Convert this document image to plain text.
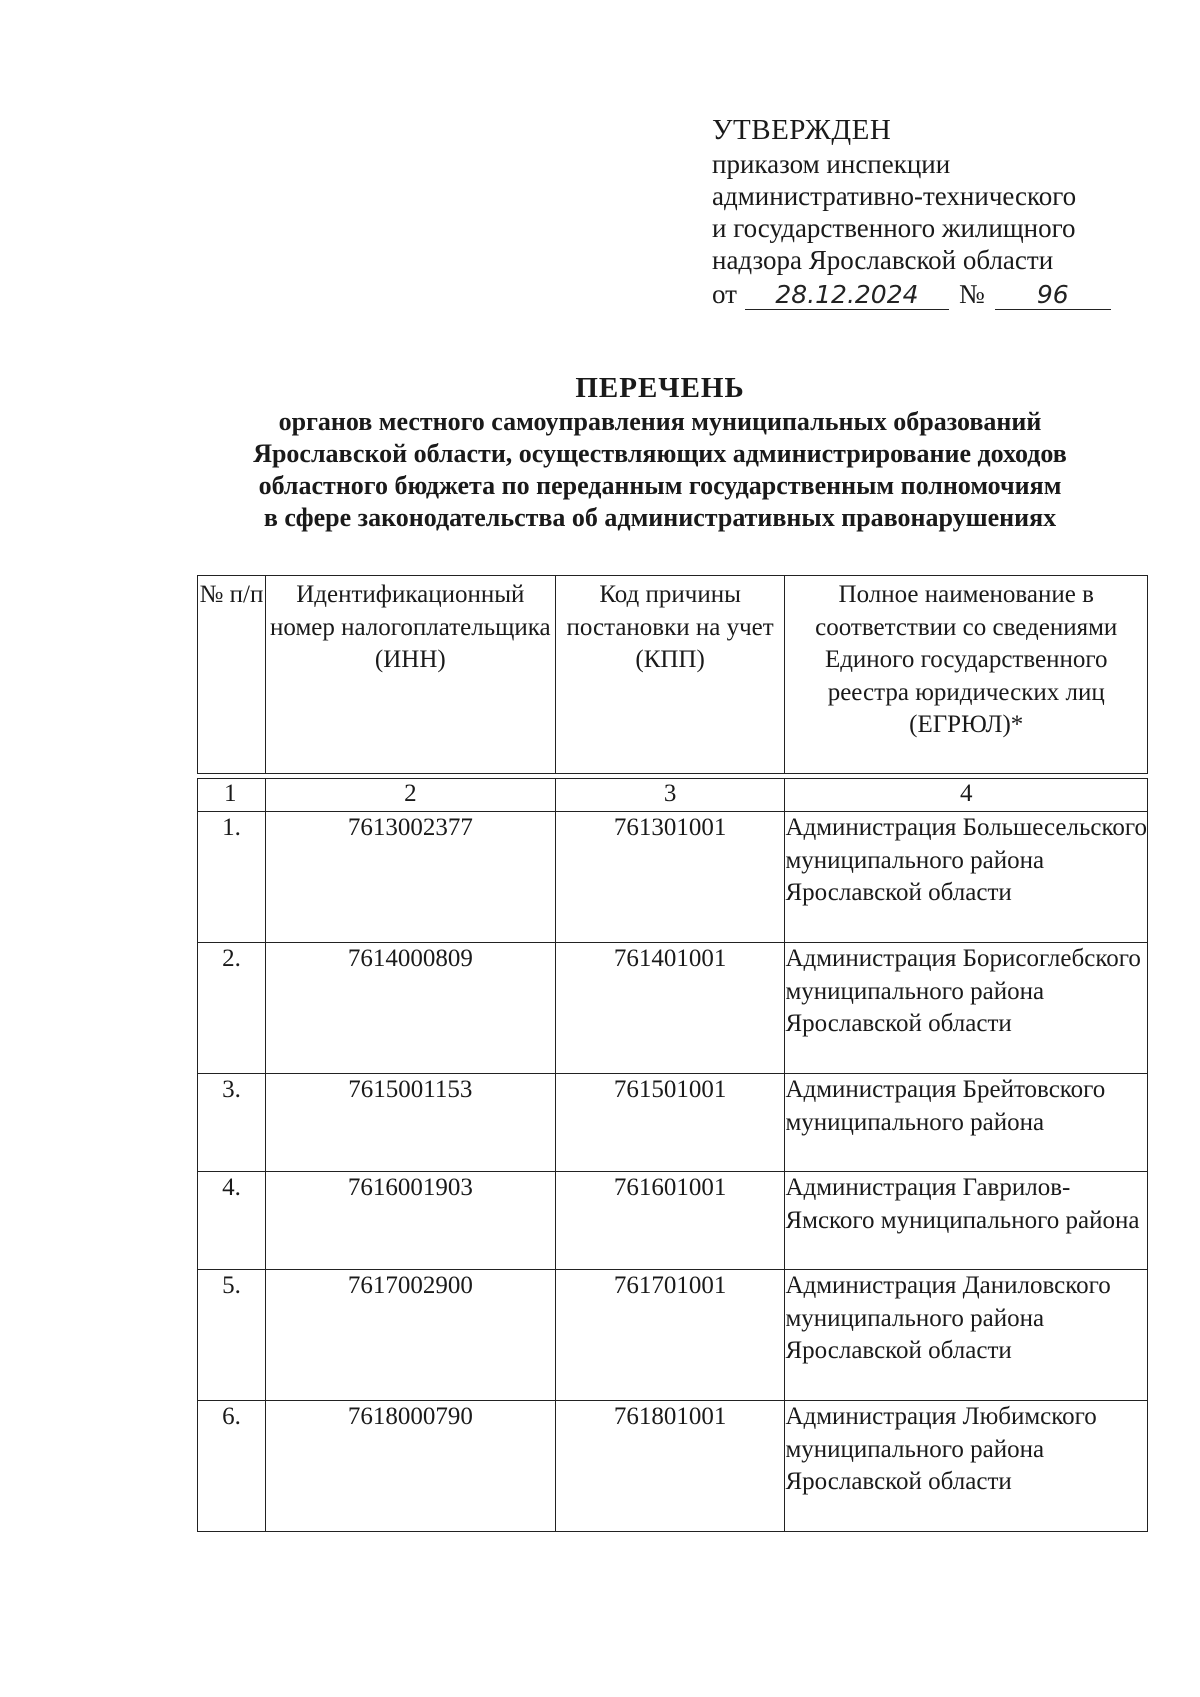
УТВЕРЖДЕН
приказом инспекции
административно-технического
и государственного жилищного
надзора Ярославской области
от	28.12.2024	№	96
ПЕРЕЧЕНЬ
органов местного самоуправления муниципальных образований
Ярославской области, осуществляющих администрирование доходов
областного бюджета по переданным государственным полномочиям
в сфере законодательства об административных правонарушениях
№ п/п	Идентификационный номер налогоплательщика (ИНН)	Код причины постановки на учет (КПП)	Полное наименование в соответствии со сведениями Единого государственного реестра юридических лиц (ЕГРЮЛ)*

1	2	3	4
1.	7613002377	761301001	Администрация Большесельского муниципального района Ярославской области
2.	7614000809	761401001	Администрация Борисоглебского муниципального района Ярославской области
3.	7615001153	761501001	Администрация Брейтовского муниципального района
4.	7616001903	761601001	Администрация Гаврилов-Ямского муниципального района
5.	7617002900	761701001	Администрация Даниловского муниципального района Ярославской области
6.	7618000790	761801001	Администрация Любимского муниципального района Ярославской области
